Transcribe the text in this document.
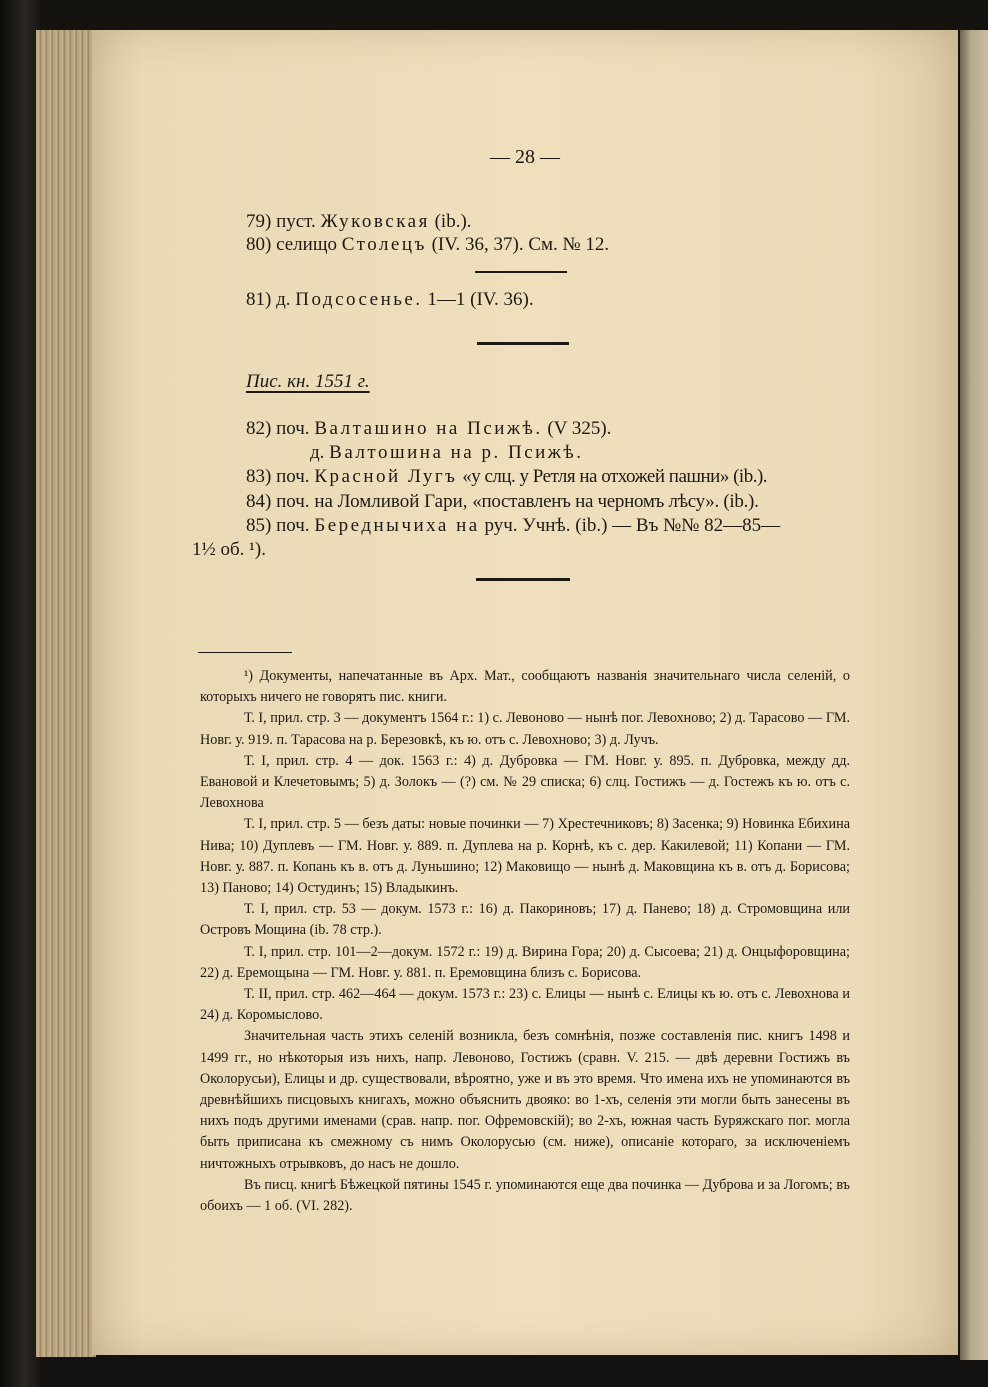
— 28 —
79) пуст. Жуковская (ib.).
80) селищо Столецъ (IV. 36, 37). См. № 12.
81) д. Подсосенье. 1—1 (IV. 36).
Пис. кн. 1551 г.
82) поч. Валташино на Псижѣ. (V 325).
д. Валтошина на р. Псижѣ.
83) поч. Красной Лугъ «у слц. у Ретля на отхожей пашни» (ib.).
84) поч. на Ломливой Гари, «поставленъ на черномъ лѣсу». (ib.).
85) поч. Береднычиха на руч. Учнѣ. (ib.) — Въ №№ 82—85—
1½ об. ¹).

¹) Документы, напечатанные въ Арх. Мат., сообщаютъ названія значительнаго числа селеній, о которыхъ ничего не говорятъ пис. книги.

Т. I, прил. стр. 3 — документъ 1564 г.: 1) с. Левоново — нынѣ пог. Левохново; 2) д. Тарасово — ГМ. Новг. у. 919. п. Тарасова на р. Березовкѣ, къ ю. отъ с. Левохново; 3) д. Лучъ.

Т. I, прил. стр. 4 — док. 1563 г.: 4) д. Дубровка — ГМ. Новг. у. 895. п. Дубровка, между дд. Евановой и Клечетовымъ; 5) д. Золокъ — (?) см. № 29 списка; 6) слц. Гостижъ — д. Гостежъ къ ю. отъ с. Левохнова

Т. I, прил. стр. 5 — безъ даты: новые починки — 7) Хрестечниковъ; 8) Засенка; 9) Новинка Ебихина Нива; 10) Дуплевъ — ГМ. Новг. у. 889. п. Дуплева на р. Корнѣ, къ с. дер. Какилевой; 11) Копани — ГМ. Новг. у. 887. п. Копань къ в. отъ д. Луньшино; 12) Маковищо — нынѣ д. Маковщина къ в. отъ д. Борисова; 13) Паново; 14) Остудинъ; 15) Владыкинъ.

Т. I, прил. стр. 53 — докум. 1573 г.: 16) д. Пакориновъ; 17) д. Панево; 18) д. Стромовщина или Островъ Мощина (ib. 78 стр.).

Т. I, прил. стр. 101—2—докум. 1572 г.: 19) д. Вирина Гора; 20) д. Сысоева; 21) д. Онцыфоровщина; 22) д. Еремощына — ГМ. Новг. у. 881. п. Еремовщина близъ с. Борисова.

Т. II, прил. стр. 462—464 — докум. 1573 г.: 23) с. Елицы — нынѣ с. Елицы къ ю. отъ с. Левохнова и 24) д. Коромыслово.

Значительная часть этихъ селеній возникла, безъ сомнѣнія, позже составленія пис. книгъ 1498 и 1499 гг., но нѣкоторыя изъ нихъ, напр. Левоново, Гостижъ (сравн. V. 215. — двѣ деревни Гостижъ въ Околорусьи), Елицы и др. существовали, вѣроятно, уже и въ это время. Что имена ихъ не упоминаются въ древнѣйшихъ писцовыхъ книгахъ, можно объяснить двояко: во 1-хъ, селенія эти могли быть занесены въ нихъ подъ другими именами (срав. напр. пог. Офремовскій); во 2-хъ, южная часть Буряжскаго пог. могла быть приписана къ смежному съ нимъ Околорусью (см. ниже), описаніе котораго, за исключеніемъ ничтожныхъ отрывковъ, до насъ не дошло.

Въ писц. книгѣ Бѣжецкой пятины 1545 г. упоминаются еще два починка — Дуброва и за Логомъ; въ обоихъ — 1 об. (VI. 282).
